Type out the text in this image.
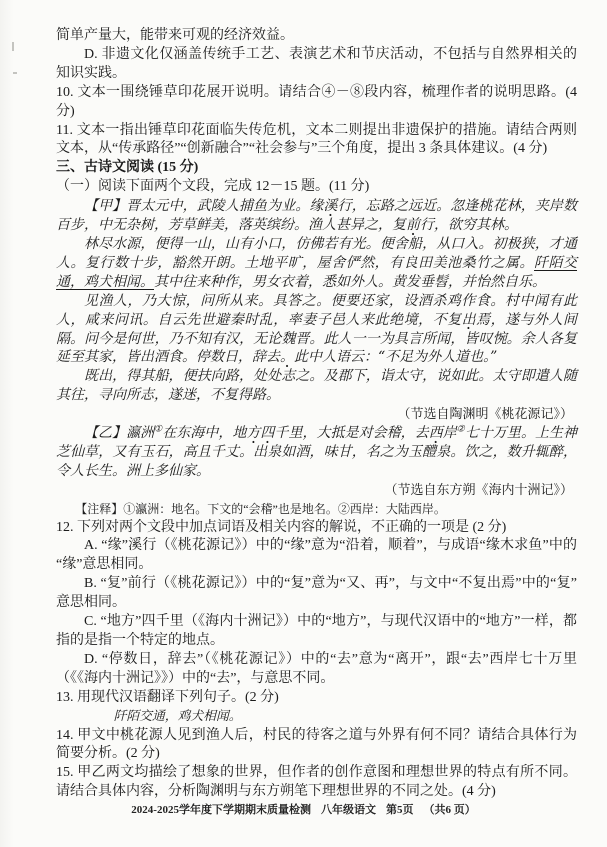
简单产量大，能带来可观的经济效益。

D. 非遗文化仅涵盖传统手工艺、表演艺术和节庆活动，不包括与自然界相关的知识实践。

10. 文本一围绕锤草印花展开说明。请结合④－⑧段内容，梳理作者的说明思路。(4 分)

11. 文本一指出锤草印花面临失传危机，文本二则提出非遗保护的措施。请结合两则文本，从“传承路径”“创新融合”“社会参与”三个角度，提出 3 条具体建议。(4 分)

三、古诗文阅读 (15 分)

（一）阅读下面两个文段，完成 12－15 题。(11 分)

【甲】晋太元中，武陵人捕鱼为业。缘溪行，忘路之远近。忽逢桃花林，夹岸数百步，中无杂树，芳草鲜美，落英缤纷。渔人甚异之，复前行，欲穷其林。

林尽水源，便得一山，山有小口，仿佛若有光。便舍船，从口入。初极狭，才通人。复行数十步，豁然开朗。土地平旷，屋舍俨然，有良田美池桑竹之属。阡陌交通，鸡犬相闻。其中往来种作，男女衣着，悉如外人。黄发垂髫，并怡然自乐。

见渔人，乃大惊，问所从来。具答之。便要还家，设酒杀鸡作食。村中闻有此人，咸来问讯。自云先世避秦时乱，率妻子邑人来此绝境，不复出焉，遂与外人间隔。问今是何世，乃不知有汉，无论魏晋。此人一一为具言所闻，皆叹惋。余人各复延至其家，皆出酒食。停数日，辞去。此中人语云：“不足为外人道也。”

既出，得其船，便扶向路，处处志之。及郡下，诣太守，说如此。太守即遣人随其往，寻向所志，遂迷，不复得路。

（节选自陶渊明《桃花源记》）

【乙】瀛洲①在东海中，地方四千里，大抵是对会稽，去西岸②七十万里。上生神芝仙草，又有玉石，高且千丈。出泉如酒，味甘，名之为玉醴泉。饮之，数升辄醉，令人长生。洲上多仙家。

（节选自东方朔《海内十洲记》）

【注释】①瀛洲：地名。下文的“会稽”也是地名。②西岸：大陆西岸。

12. 下列对两个文段中加点词语及相关内容的解说，不正确的一项是 (2 分)

A. “缘”溪行（《桃花源记》）中的“缘”意为“沿着，顺着”，与成语“缘木求鱼”中的“缘”意思相同。

B. “复”前行（《桃花源记》）中的“复”意为“又、再”，与文中“不复出焉”中的“复”意思相同。

C. “地方”四千里（《海内十洲记》）中的“地方”，与现代汉语中的“地方”一样，都指的是指一个特定的地点。

D. “停数日，辞去”（《桃花源记》）中的“去”意为“离开”，跟“去”西岸七十万里（《《海内十洲记》》）中的“去”，与意思不同。

13. 用现代汉语翻译下列句子。(2 分)

阡陌交通，鸡犬相闻。

14. 甲文中桃花源人见到渔人后，村民的待客之道与外界有何不同？请结合具体行为简要分析。(2 分)

15. 甲乙两文均描绘了想象的世界，但作者的创作意图和理想世界的特点有所不同。请结合具体内容，分析陶渊明与东方朔笔下理想世界的不同之处。(4 分)

2024-2025学年度下学期期末质量检测 八年级语文 第5页 （共6 页）
